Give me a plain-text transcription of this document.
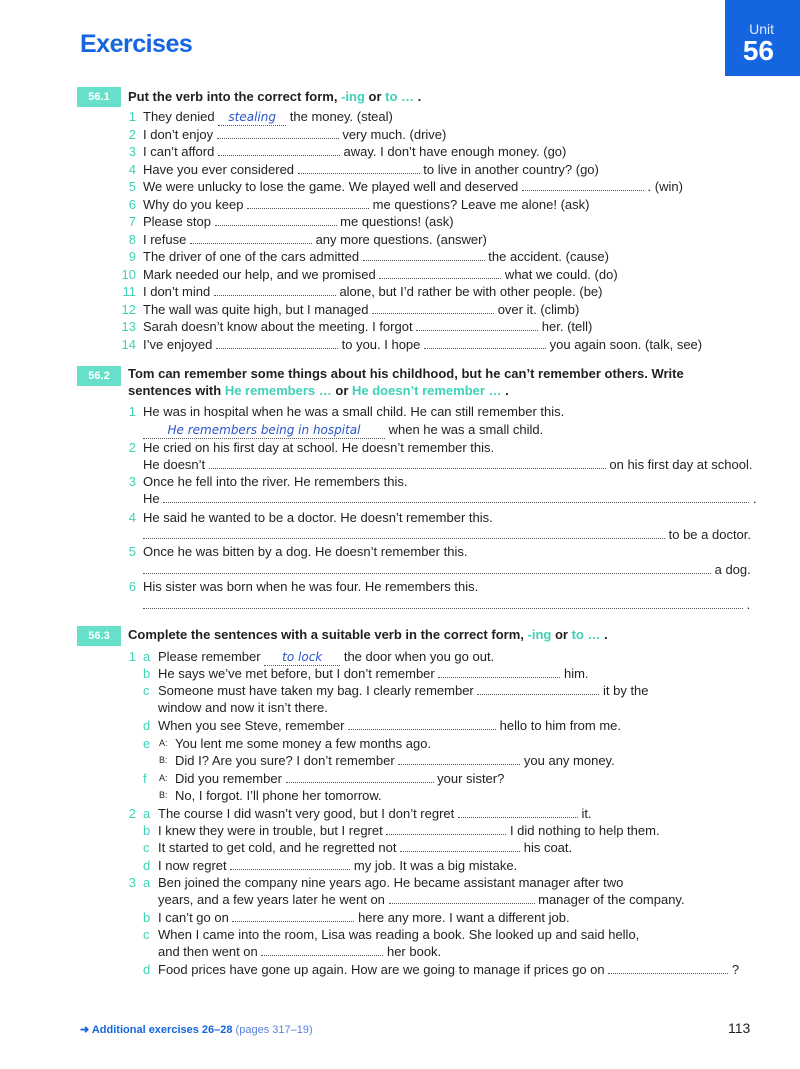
Exercises
Unit
56
56.1	Put the verb into the correct form, -ing or to … .
1 They denied stealing the money. (steal)
2 I don’t enjoy	very much. (drive)
3 I can’t afford	away. I don’t have enough money. (go)
4 Have you ever considered	to live in another country? (go)
5 We were unlucky to lose the game. We played well and deserved	. (win)
6 Why do you keep	me questions? Leave me alone! (ask)
7 Please stop	me questions! (ask)
8 I refuse	any more questions. (answer)
9 The driver of one of the cars admitted	the accident. (cause)
10 Mark needed our help, and we promised	what we could. (do)
11 I don’t mind	alone, but I’d rather be with other people. (be)
12 The wall was quite high, but I managed	over it. (climb)
13 Sarah doesn’t know about the meeting. I forgot	her. (tell)
14 I’ve enjoyed	to you. I hope	you again soon. (talk, see)
56.2	Tom can remember some things about his childhood, but he can’t remember others. Write
sentences with He remembers … or He doesn’t remember … .
1 He was in hospital when he was a small child. He can still remember this.
He remembers being in hospital when he was a small child.
2 He cried on his first day at school. He doesn’t remember this.
He doesn’t	on his first day at school.
3 Once he fell into the river. He remembers this.
He	.
4 He said he wanted to be a doctor. He doesn’t remember this.
to be a doctor.
5 Once he was bitten by a dog. He doesn’t remember this.
a dog.
6 His sister was born when he was four. He remembers this.
.
56.3	Complete the sentences with a suitable verb in the correct form, -ing or to … .
1 a Please remember to lock the door when you go out.
b He says we’ve met before, but I don’t remember	him.
c Someone must have taken my bag. I clearly remember	it by the
window and now it isn’t there.
d When you see Steve, remember	hello to him from me.
e A: You lent me some money a few months ago.
B: Did I? Are you sure? I don’t remember	you any money.
f A: Did you remember	your sister?
B: No, I forgot. I’ll phone her tomorrow.
2 a The course I did wasn’t very good, but I don’t regret	it.
b I knew they were in trouble, but I regret	I did nothing to help them.
c It started to get cold, and he regretted not	his coat.
d I now regret	my job. It was a big mistake.
3 a Ben joined the company nine years ago. He became assistant manager after two
years, and a few years later he went on	manager of the company.
b I can’t go on	here any more. I want a different job.
c When I came into the room, Lisa was reading a book. She looked up and said hello,
and then went on	her book.
d Food prices have gone up again. How are we going to manage if prices go on	?
➜ Additional exercises 26–28 (pages 317–19)	113
